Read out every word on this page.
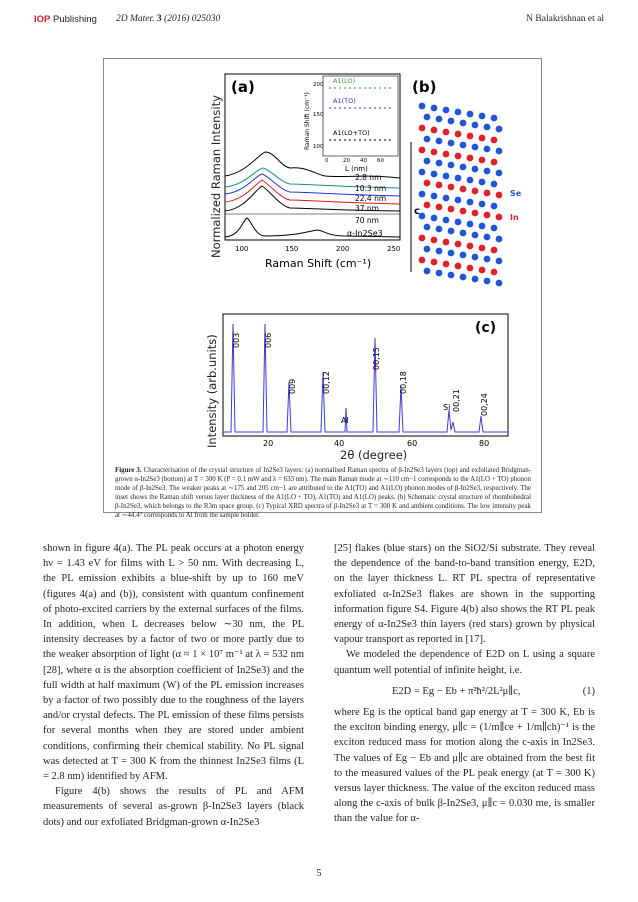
IOP Publishing 2D Mater. 3 (2016) 025030	N Balakrishnan et al
Normalized Raman Intensity
(a)
2.8 nm
10.3 nm
22.4 nm
37 nm
70 nm
α-In2Se3
100	150	200	250
Raman Shift (cm⁻¹)
A1(LO)
A1(TO)
A1(LO+TO)
0	20 40 60
L (nm)
100
150
200
Raman Shift (cm⁻¹)
(b)
c
Se
In
Intensity (arb.units)
(c)
003	006
009	00,12
00,15
00,18
00,21 00,24
Al
Si
20	40	60	80
2θ (degree)
Figure 3. Characterisation of the crystal structure of In2Se3 layers: (a) normalised Raman spectra of β-In2Se3 layers (top) and exfoliated Bridgman-grown α-In2Se3 (bottom) at T = 300 K (P = 0.1 mW and λ = 633 nm). The main Raman mode at ∼110 cm−1 corresponds to the A1(LO + TO) phonon mode of β-In2Se3. The weaker peaks at ∼175 and 205 cm−1 are attributed to the A1(TO) and A1(LO) phonon modes of β-In2Se3, respectively. The inset shows the Raman shift versus layer thickness of the A1(LO + TO), A1(TO) and A1(LO) peaks. (b) Schematic crystal structure of rhombohedral β-In2Se3, which belongs to the R3m space group. (c) Typical XRD spectra of β-In2Se3 at T = 300 K and ambient conditions. The low intensity peak at ∼44.4° corresponds to Al from the sample holder.

shown in figure 4(a). The PL peak occurs at a photon energy hν = 1.43 eV for films with L > 50 nm. With decreasing L, the PL emission exhibits a blue-shift by up to 160 meV (figures 4(a) and (b)), consistent with quantum confinement of photo-excited carriers by the external surfaces of the films. In addition, when L decreases below ∼30 nm, the PL intensity decreases by a factor of two or more partly due to the weaker absorption of light (α ≈ 1 × 10⁷ m⁻¹ at λ = 532 nm [28], where α is the absorption coefficient of In2Se3) and the full width at half maximum (W) of the PL emission increases by a factor of two possibly due to the roughness of the layers and/or crystal defects. The PL emission of these films persists for several months when they are stored under ambient conditions, confirming their chemical stability. No PL signal was detected at T = 300 K from the thinnest In2Se3 films (L = 2.8 nm) identified by AFM.

Figure 4(b) shows the results of PL and AFM measurements of several as-grown β-In2Se3 layers (black dots) and our exfoliated Bridgman-grown α-In2Se3

[25] flakes (blue stars) on the SiO2/Si substrate. They reveal the dependence of the band-to-band transition energy, E2D, on the layer thickness L. RT PL spectra of representative exfoliated α-In2Se3 flakes are shown in the supporting information figure S4. Figure 4(b) also shows the RT PL peak energy of α-In2Se3 thin layers (red stars) grown by physical vapour transport as reported in [17].

We modeled the dependence of E2D on L using a square quantum well potential of infinite height, i.e.

E2D = Eg − Eb + π²ħ²/2L²μ∥c,	(1)

where Eg is the optical band gap energy at T = 300 K, Eb is the exciton binding energy, μ∥c = (1/m∥ce + 1/m∥ch)⁻¹ is the exciton reduced mass for motion along the c-axis in In2Se3. The values of Eg − Eb and μ∥c are obtained from the best fit to the measured values of the PL peak energy (at T = 300 K) versus layer thickness. The value of the exciton reduced mass along the c-axis of bulk β-In2Se3, μ∥c = 0.030 me, is smaller than the value for α-

5
